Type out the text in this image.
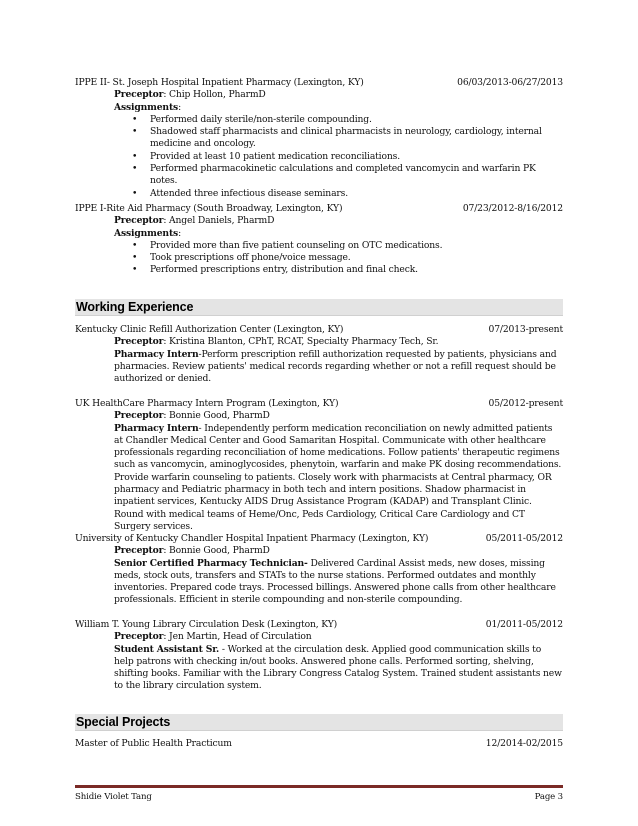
IPPE II- St. Joseph Hospital Inpatient Pharmacy (Lexington, KY)	06/03/2013-06/27/2013
Preceptor: Chip Hollon, PharmD
Assignments:
• Performed daily sterile/non-sterile compounding.
• Shadowed staff pharmacists and clinical pharmacists in neurology, cardiology, internal medicine and oncology.
• Provided at least 10 patient medication reconciliations.
• Performed pharmacokinetic calculations and completed vancomycin and warfarin PK notes.
• Attended three infectious disease seminars.
IPPE I-Rite Aid Pharmacy (South Broadway, Lexington, KY)	07/23/2012-8/16/2012
Preceptor: Angel Daniels, PharmD
Assignments:
• Provided more than five patient counseling on OTC medications.
• Took prescriptions off phone/voice message.
• Performed prescriptions entry, distribution and final check.
Working Experience
Kentucky Clinic Refill Authorization Center (Lexington, KY)	07/2013-present
Preceptor: Kristina Blanton, CPhT, RCAT, Specialty Pharmacy Tech, Sr.
Pharmacy Intern-Perform prescription refill authorization requested by patients, physicians and pharmacies. Review patients' medical records regarding whether or not a refill request should be authorized or denied.
UK HealthCare Pharmacy Intern Program (Lexington, KY)	05/2012-present
Preceptor: Bonnie Good, PharmD
Pharmacy Intern- Independently perform medication reconciliation on newly admitted patients at Chandler Medical Center and Good Samaritan Hospital. Communicate with other healthcare professionals regarding reconciliation of home medications. Follow patients' therapeutic regimens such as vancomycin, aminoglycosides, phenytoin, warfarin and make PK dosing recommendations. Provide warfarin counseling to patients. Closely work with pharmacists at Central pharmacy, OR pharmacy and Pediatric pharmacy in both tech and intern positions. Shadow pharmacist in inpatient services, Kentucky AIDS Drug Assistance Program (KADAP) and Transplant Clinic. Round with medical teams of Heme/Onc, Peds Cardiology, Critical Care Cardiology and CT Surgery services.
University of Kentucky Chandler Hospital Inpatient Pharmacy (Lexington, KY)	05/2011-05/2012
Preceptor: Bonnie Good, PharmD
Senior Certified Pharmacy Technician- Delivered Cardinal Assist meds, new doses, missing meds, stock outs, transfers and STATs to the nurse stations. Performed outdates and monthly inventories. Prepared code trays. Processed billings. Answered phone calls from other healthcare professionals. Efficient in sterile compounding and non-sterile compounding.
William T. Young Library Circulation Desk (Lexington, KY)	01/2011-05/2012
Preceptor: Jen Martin, Head of Circulation
Student Assistant Sr. - Worked at the circulation desk. Applied good communication skills to help patrons with checking in/out books. Answered phone calls. Performed sorting, shelving, shifting books. Familiar with the Library Congress Catalog System. Trained student assistants new to the library circulation system.
Special Projects
Master of Public Health Practicum	12/2014-02/2015
Shidie Violet Tang	Page 3
